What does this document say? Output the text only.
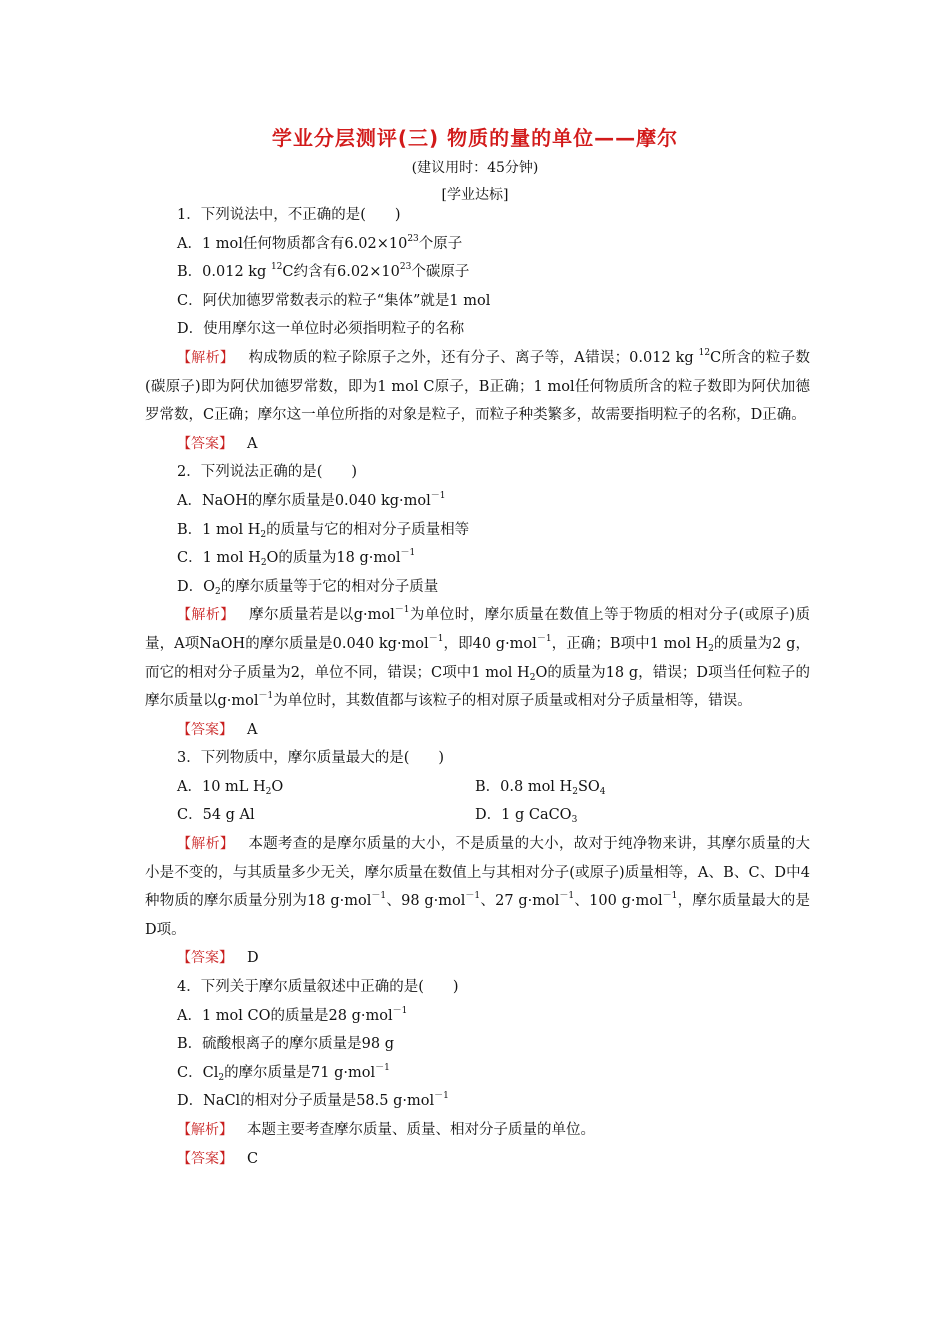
学业分层测评(三) 物质的量的单位——摩尔
(建议用时：45分钟)
[学业达标]
1．下列说法中，不正确的是(　　)
A．1 mol任何物质都含有$6.02\times 10^{23}$个原子
B．0.012 kg $^{12}$C约含有$6.02\times 10^{23}$个碳原子
C．阿伏加德罗常数表示的粒子“集体”就是1 mol
D．使用摩尔这一单位时必须指明粒子的名称
【解析】 构成物质的粒子除原子之外，还有分子、离子等，A错误；0.012 kg $^{12}$C所含的粒子数(碳原子)即为阿伏加德罗常数，即为1 mol C原子，B正确；1 mol任何物质所含的粒子数即为阿伏加德罗常数，C正确；摩尔这一单位所指的对象是粒子，而粒子种类繁多，故需要指明粒子的名称，D正确。
【答案】 A
2．下列说法正确的是(　　)
A．NaOH的摩尔质量是0.040 kg·mol$^{-1}$
B．1 mol $H_2$的质量与它的相对分子质量相等
C．1 mol $H_2O$的质量为18 g·mol$^{-1}$
D．$O_2$的摩尔质量等于它的相对分子质量
【解析】 摩尔质量若是以g·mol$^{-1}$为单位时，摩尔质量在数值上等于物质的相对分子(或原子)质量，A项NaOH的摩尔质量是0.040 kg·mol$^{-1}$，即40 g·mol$^{-1}$，正确；B项中1 mol $H_2$的质量为2 g，而它的相对分子质量为2，单位不同，错误；C项中1 mol $H_2O$的质量为18 g，错误；D项当任何粒子的摩尔质量以g·mol$^{-1}$为单位时，其数值都与该粒子的相对原子质量或相对分子质量相等，错误。
【答案】 A
3．下列物质中，摩尔质量最大的是(　　)
A．10 mL $H_2O$	B．0.8 mol $H_2SO_4$
C．54 g Al	D．1 g CaCO$_3$
【解析】 本题考查的是摩尔质量的大小，不是质量的大小，故对于纯净物来讲，其摩尔质量的大小是不变的，与其质量多少无关，摩尔质量在数值上与其相对分子(或原子)质量相等，A、B、C、D中4种物质的摩尔质量分别为18 g·mol$^{-1}$、98 g·mol$^{-1}$、27 g·mol$^{-1}$、100 g·mol$^{-1}$，摩尔质量最大的是D项。
【答案】 D
4．下列关于摩尔质量叙述中正确的是(　　)
A．1 mol CO的质量是28 g·mol$^{-1}$
B．硫酸根离子的摩尔质量是98 g
C．$Cl_2$的摩尔质量是71 g·mol$^{-1}$
D．NaCl的相对分子质量是58.5 g·mol$^{-1}$
【解析】 本题主要考查摩尔质量、质量、相对分子质量的单位。
【答案】 C
